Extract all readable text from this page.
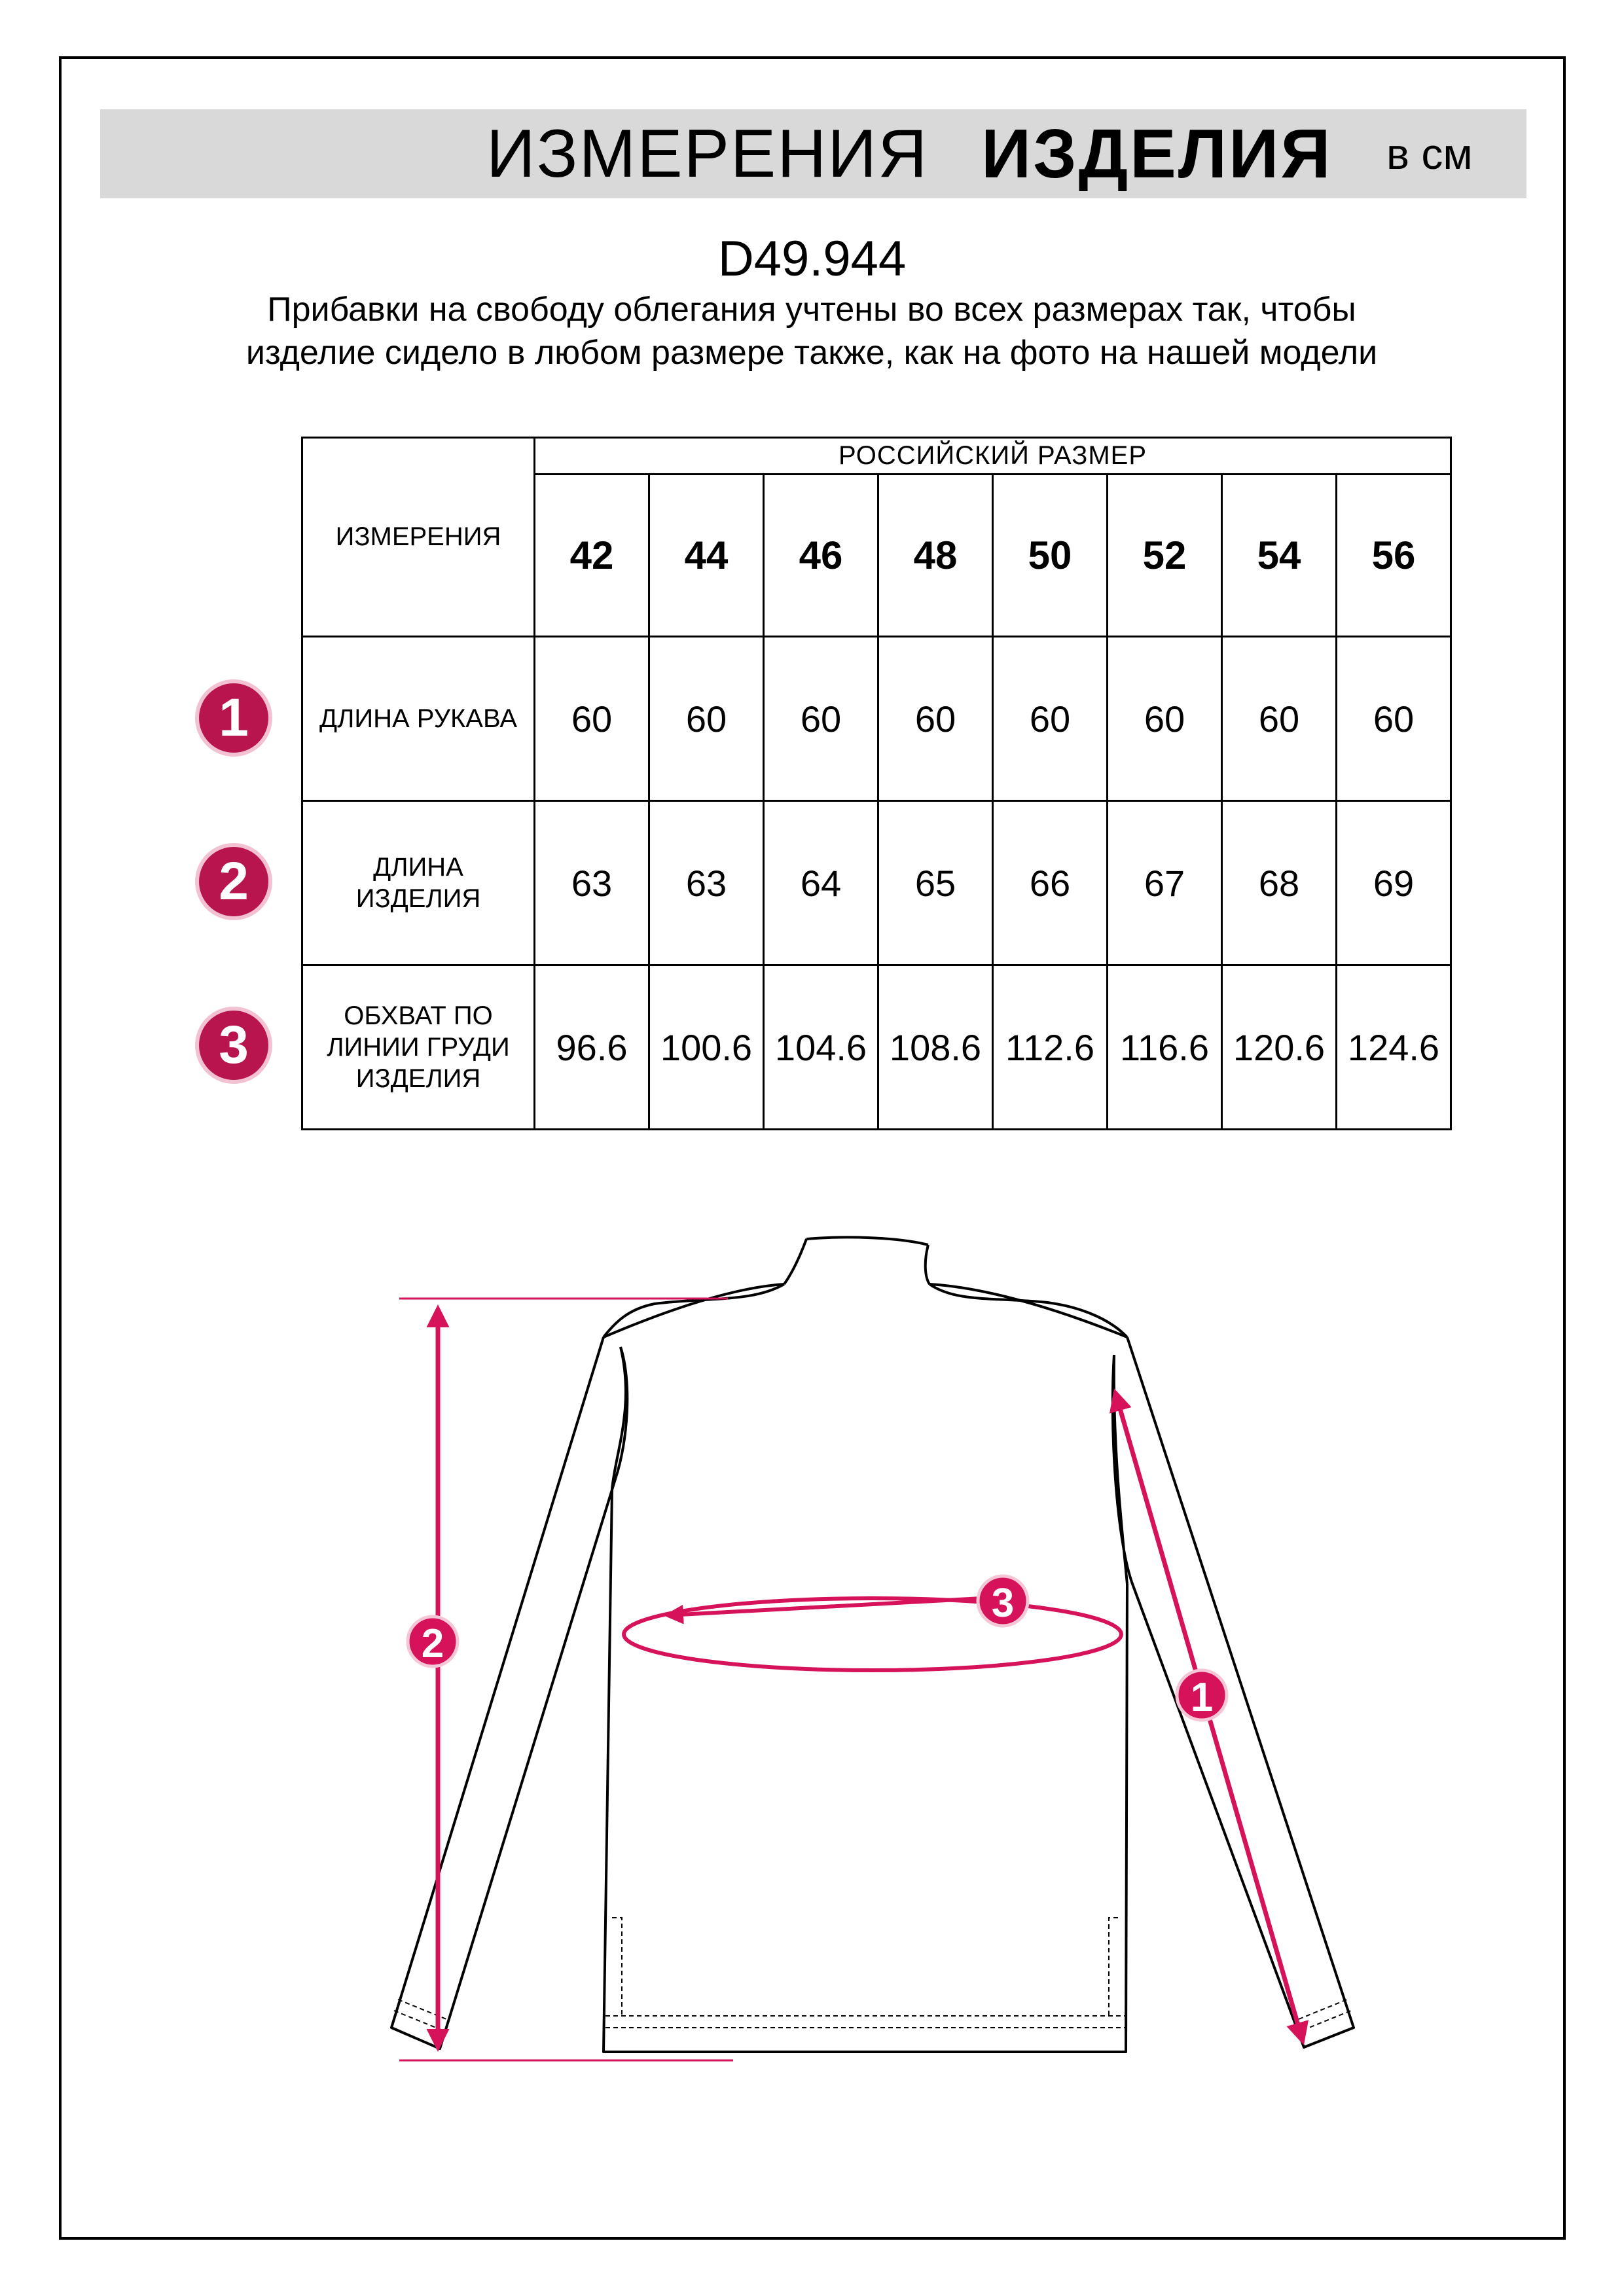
ИЗМЕРЕНИЯ ИЗДЕЛИЯ в см
D49.944
Прибавки на свободу облегания учтены во всех размерах так, чтобы изделие сидело в любом размере также, как на фото на нашей модели
ИЗМЕРЕНИЯ	РОССИЙСКИЙ РАЗМЕР							
	42	44	46	48	50	52	54	56
ДЛИНА РУКАВА	60	60	60	60	60	60	60	60
ДЛИНА
ИЗДЕЛИЯ	63	63	64	65	66	67	68	69
ОБХВАТ ПО
ЛИНИИ ГРУДИ
ИЗДЕЛИЯ	96.6	100.6	104.6	108.6	112.6	116.6	120.6	124.6
1
2
3
2
3
1
